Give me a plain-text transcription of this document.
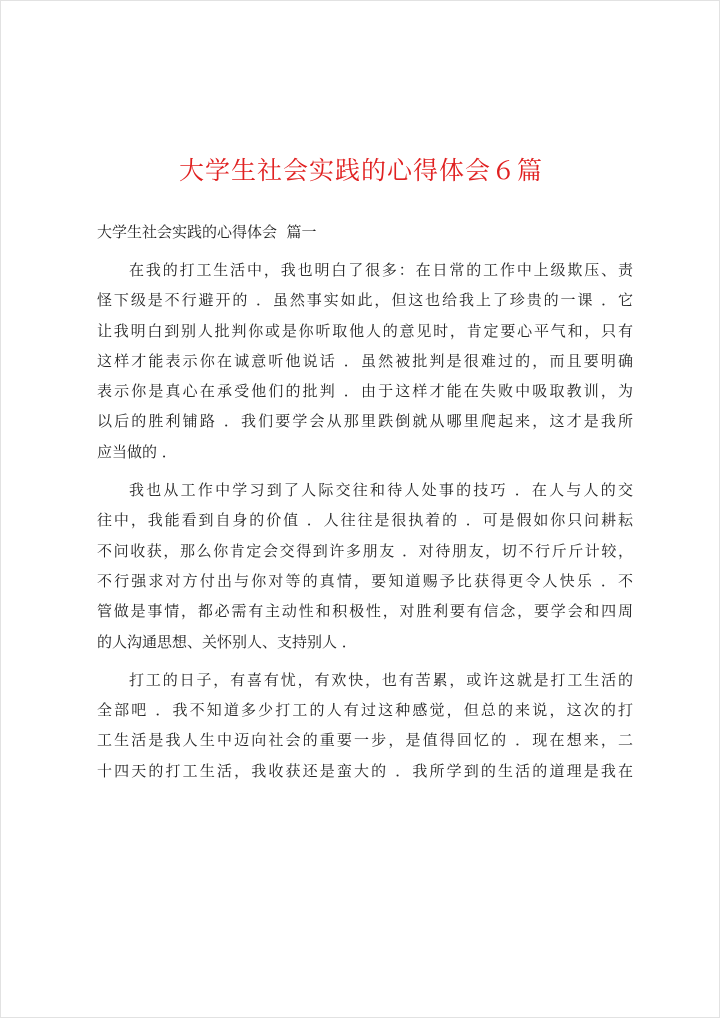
大学生社会实践的心得体会６篇
大学生社会实践的心得体会  篇一
在我的打工生活中，我也明白了很多：在日常的工作中上级欺压、责
怪下级是不行避开的 ．虽然事实如此，但这也给我上了珍贵的一课 ．它
让我明白到别人批判你或是你听取他人的意见时，肯定要心平气和，只有
这样才能表示你在诚意听他说话 ．虽然被批判是很难过的，而且要明确
表示你是真心在承受他们的批判 ．由于这样才能在失败中吸取教训，为
以后的胜利铺路 ．我们要学会从那里跌倒就从哪里爬起来，这才是我所
应当做的 ．
我也从工作中学习到了人际交往和待人处事的技巧 ．在人与人的交
往中，我能看到自身的价值 ．人往往是很执着的 ．可是假如你只问耕耘
不问收获，那么你肯定会交得到许多朋友 ．对待朋友，切不行斤斤计较，
不行强求对方付出与你对等的真情，要知道赐予比获得更令人快乐 ．不
管做是事情，都必需有主动性和积极性，对胜利要有信念，要学会和四周
的人沟通思想、关怀别人、支持别人 ．
打工的日子，有喜有忧，有欢快，也有苦累，或许这就是打工生活的
全部吧 ．我不知道多少打工的人有过这种感觉，但总的来说，这次的打
工生活是我人生中迈向社会的重要一步，是值得回忆的 ．现在想来，二
十四天的打工生活，我收获还是蛮大的 ．我所学到的生活的道理是我在
